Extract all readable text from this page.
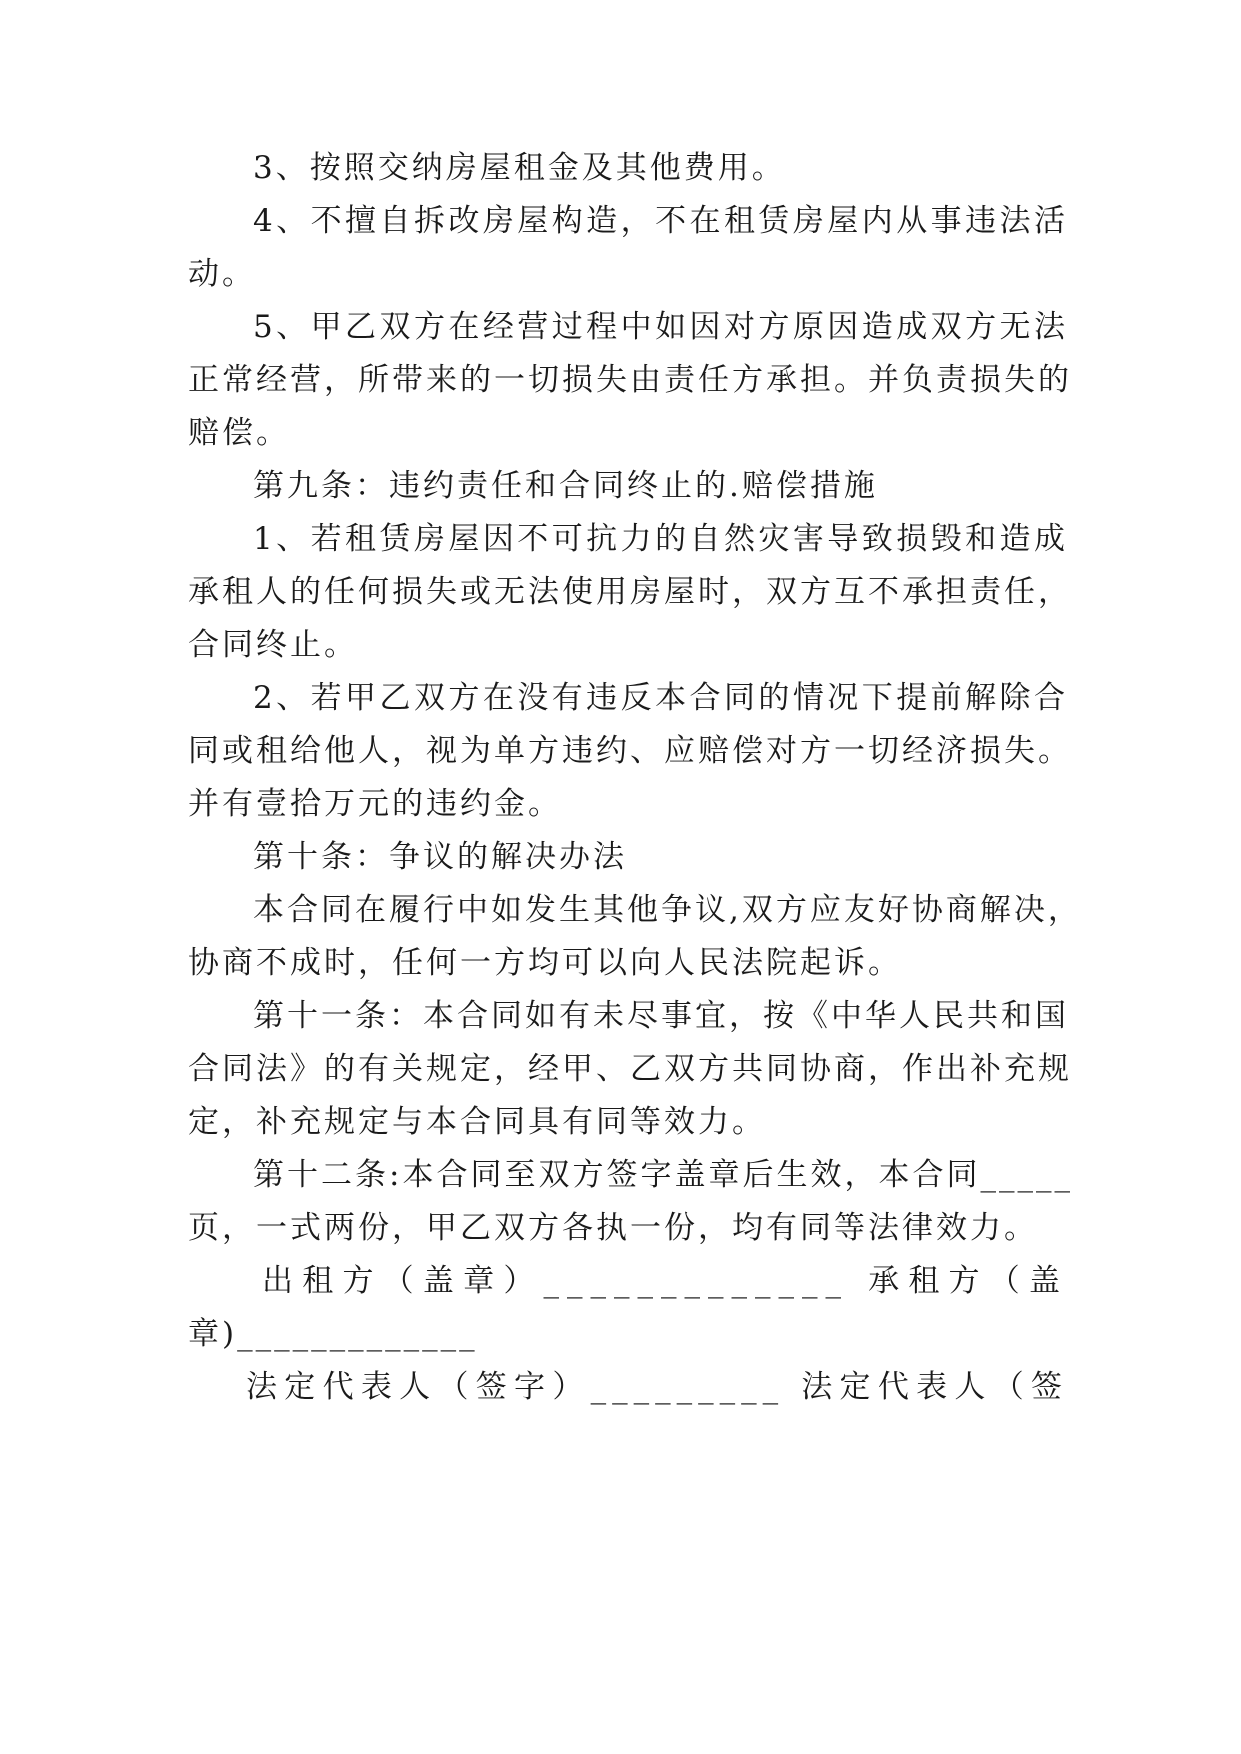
3、按照交纳房屋租金及其他费用。
4、不擅自拆改房屋构造，不在租赁房屋内从事违法活
动。
5、甲乙双方在经营过程中如因对方原因造成双方无法
正常经营，所带来的一切损失由责任方承担。并负责损失的
赔偿。
第九条：违约责任和合同终止的.赔偿措施
1、若租赁房屋因不可抗力的自然灾害导致损毁和造成
承租人的任何损失或无法使用房屋时，双方互不承担责任，
合同终止。
2、若甲乙双方在没有违反本合同的情况下提前解除合
同或租给他人，视为单方违约、应赔偿对方一切经济损失。
并有壹拾万元的违约金。
第十条：争议的解决办法
本合同在履行中如发生其他争议,双方应友好协商解决，
协商不成时，任何一方均可以向人民法院起诉。
第十一条：本合同如有未尽事宜，按《中华人民共和国
合同法》的有关规定，经甲、乙双方共同协商，作出补充规
定，补充规定与本合同具有同等效力。
第十二条:本合同至双方签字盖章后生效，本合同_____
页，一式两份，甲乙双方各执一份，均有同等法律效力。
出租方（盖章）_____________ 承租方（盖
章)_____________
法定代表人（签字）_________ 法定代表人（签
